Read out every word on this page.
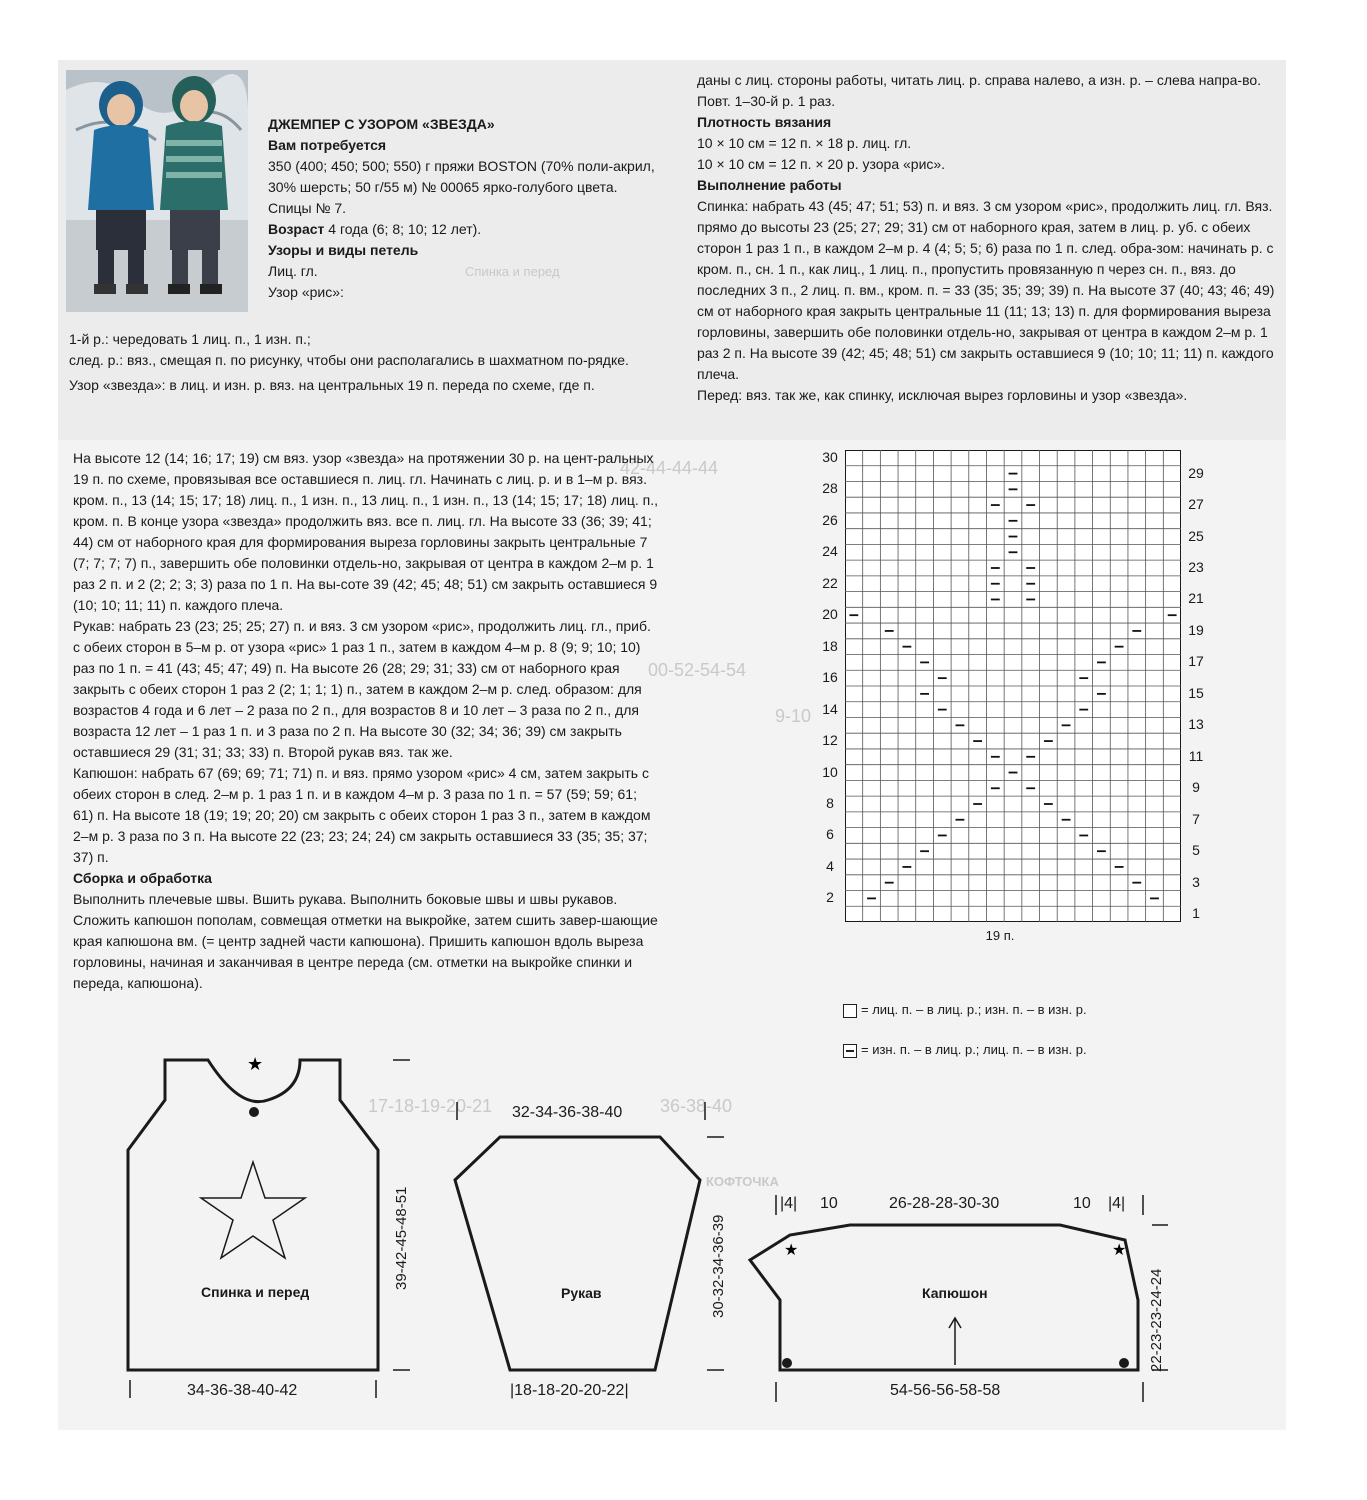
Спинка и перед
42-44-44-44
00-52-54-54
9-10
17-18-19-20-21	36-38-40
КОФТОЧКА

ДЖЕМПЕР С УЗОРОМ «ЗВЕЗДА»

Вам потребуется

350 (400; 450; 500; 550) г пряжи BOSTON (70% поли-акрил, 30% шерсть; 50 г/55 м) № 00065 ярко-голубого цвета.

Спицы № 7.

Возраст 4 года (6; 8; 10; 12 лет).

Узоры и виды петель

Лиц. гл.

Узор «рис»:

1-й р.: чередовать 1 лиц. п., 1 изн. п.;

след. р.: вяз., смещая п. по рисунку, чтобы они располагались в шахматном по-рядке.

Узор «звезда»: в лиц. и изн. р. вяз. на центральных 19 п. переда по схеме, где п.

даны с лиц. стороны работы, читать лиц. р. справа налево, а изн. р. – слева напра-во. Повт. 1–30-й р. 1 раз.

Плотность вязания

10 × 10 см = 12 п. × 18 р. лиц. гл.

10 × 10 см = 12 п. × 20 р. узора «рис».

Выполнение работы

Спинка: набрать 43 (45; 47; 51; 53) п. и вяз. 3 см узором «рис», продолжить лиц. гл. Вяз. прямо до высоты 23 (25; 27; 29; 31) см от наборного края, затем в лиц. р. уб. с обеих сторон 1 раз 1 п., в каждом 2–м р. 4 (4; 5; 5; 6) раза по 1 п. след. обра-зом: начинать р. с кром. п., сн. 1 п., как лиц., 1 лиц. п., пропустить провязанную п через сн. п., вяз. до последних 3 п., 2 лиц. п. вм., кром. п. = 33 (35; 35; 39; 39) п. На высоте 37 (40; 43; 46; 49) см от наборного края закрыть центральные 11 (11; 13; 13) п. для формирования выреза горловины, завершить обе половинки отдель-но, закрывая от центра в каждом 2–м р. 1 раз 2 п. На высоте 39 (42; 45; 48; 51) см закрыть оставшиеся 9 (10; 10; 11; 11) п. каждого плеча.

Перед: вяз. так же, как спинку, исключая вырез горловины и узор «звезда».

На высоте 12 (14; 16; 17; 19) см вяз. узор «звезда» на протяжении 30 р. на цент-ральных 19 п. по схеме, провязывая все оставшиеся п. лиц. гл. Начинать с лиц. р. и в 1–м р. вяз. кром. п., 13 (14; 15; 17; 18) лиц. п., 1 изн. п., 13 лиц. п., 1 изн. п., 13 (14; 15; 17; 18) лиц. п., кром. п. В конце узора «звезда» продолжить вяз. все п. лиц. гл. На высоте 33 (36; 39; 41; 44) см от наборного края для формирования выреза горловины закрыть центральные 7 (7; 7; 7; 7) п., завершить обе половинки отдель-но, закрывая от центра в каждом 2–м р. 1 раз 2 п. и 2 (2; 2; 3; 3) раза по 1 п. На вы-соте 39 (42; 45; 48; 51) см закрыть оставшиеся 9 (10; 10; 11; 11) п. каждого плеча.

Рукав: набрать 23 (23; 25; 25; 27) п. и вяз. 3 см узором «рис», продолжить лиц. гл., приб. с обеих сторон в 5–м р. от узора «рис» 1 раз 1 п., затем в каждом 4–м р. 8 (9; 9; 10; 10) раз по 1 п. = 41 (43; 45; 47; 49) п. На высоте 26 (28; 29; 31; 33) см от наборного края закрыть с обеих сторон 1 раз 2 (2; 1; 1; 1) п., затем в каждом 2–м р. след. образом: для возрастов 4 года и 6 лет – 2 раза по 2 п., для возрастов 8 и 10 лет – 3 раза по 2 п., для возраста 12 лет – 1 раз 1 п. и 3 раза по 2 п. На высоте 30 (32; 34; 36; 39) см закрыть оставшиеся 29 (31; 31; 33; 33) п. Второй рукав вяз. так же.

Капюшон: набрать 67 (69; 69; 71; 71) п. и вяз. прямо узором «рис» 4 см, затем закрыть с обеих сторон в след. 2–м р. 1 раз 1 п. и в каждом 4–м р. 3 раза по 1 п. = 57 (59; 59; 61; 61) п. На высоте 18 (19; 19; 20; 20) см закрыть с обеих сторон 1 раз 3 п., затем в каждом 2–м р. 3 раза по 3 п. На высоте 22 (23; 23; 24; 24) см закрыть оставшиеся 33 (35; 35; 37; 37) п.

Сборка и обработка

Выполнить плечевые швы. Вшить рукава. Выполнить боковые швы и швы рукавов. Сложить капюшон пополам, совмещая отметки на выкройке, затем сшить завер-шающие края капюшона вм. (= центр задней части капюшона). Пришить капюшон вдоль выреза горловины, начиная и заканчивая в центре переда (см. отметки на выкройке спинки и переда, капюшона).

30
28
26
24
22
20
18
16
14
12
10
8
6
4
2
29
27
25
23
21
19
17
15
13
11
9
7
5
3
1
19 п.
= лиц. п. – в лиц. р.; изн. п. – в изн. р.
= изн. п. – в лиц. р.; лиц. п. – в изн. р.
★
★	★
Спинка и перед
34-36-38-40-42
39-42-45-48-51
Рукав
32-34-36-38-40
|18-18-20-20-22|
30-32-34-36-39	Капюшон
|4| 10	26-28-28-30-30	10 |4|
54-56-56-58-58
22-23-23-24-24
